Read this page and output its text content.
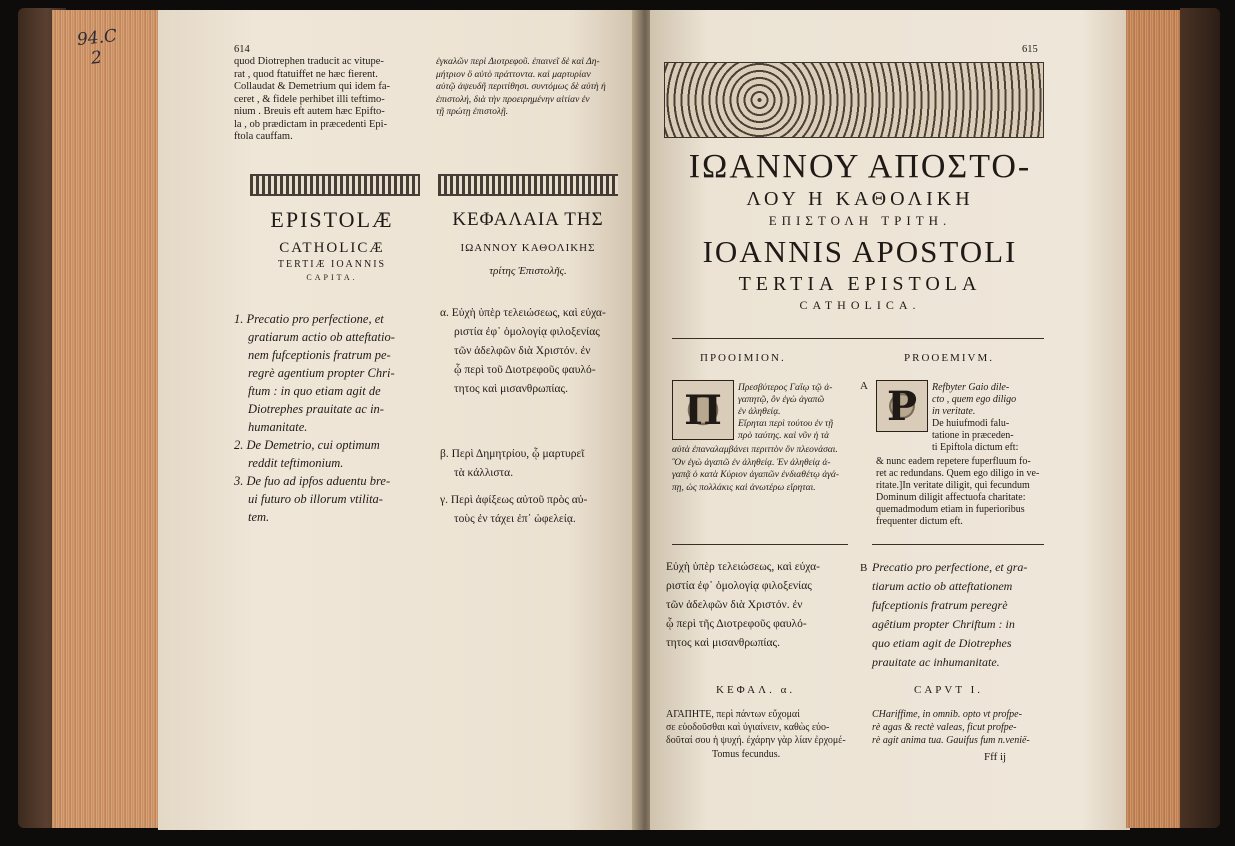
94.C
2	614
quod Diotrephen traducit ac vitupe-
rat , quod ftatuiffet ne hæc fierent.
Collaudat & Demetrium qui idem fa-
ceret , & fidele perhibet illi teftimo-
nium . Breuis eft autem hæc Epifto-
la , ob prædictam in præcedenti Epi-
ftola cauffam.
ἐγκαλῶν περὶ Διοτρεφοῦ. ἐπαινεῖ δὲ καὶ Δη-
μήτριον ὃ αὐτὸ πράττοντα. καὶ μαρτυρίαν
αὐτῷ ἀψευδῆ περιτίθησι. συντόμως δὲ αὐτὴ ἡ
ἐπιστολή, διὰ τὴν προειρημένην αἰτίαν ἐν
τῇ πρώτῃ ἐπιστολῇ.
EPISTOLÆ
CATHOLICÆ
TERTIÆ IOANNIS
CAPITA.
ΚΕΦΑΛΑΙΑ ΤΗΣ
ΙΩΑΝΝΟΥ ΚΑΘΟΛΙΚΗΣ
τρίτης Ἐπιστολῆς.
1. Precatio pro perfectione, et
gratiarum actio ob atteftatio-
nem fufceptionis fratrum pe-
regrè agentium propter Chri-
ftum : in quo etiam agit de
Diotrephes prauitate ac in-
humanitate.
2. De Demetrio, cui optimum
reddit teftimonium.
3. De fuo ad ipfos aduentu bre-
ui futuro ob illorum vtilita-
tem.
α. Εὐχὴ ὑπὲρ τελειώσεως, καὶ εὐχα-
ριστία ἐφ᾽ ὁμολογίᾳ φιλοξενίας
τῶν ἀδελφῶν διὰ Χριστόν. ἐν
ᾧ περὶ τοῦ Διοτρεφοῦς φαυλό-
τητος καὶ μισανθρωπίας.
β. Περὶ Δημητρίου, ᾧ μαρτυρεῖ
τὰ κάλλιστα.
γ. Περὶ ἀφίξεως αὐτοῦ πρὸς αὐ-
τοὺς ἐν τάχει ἐπ᾽ ὠφελείᾳ.
615
ΙΩΑΝΝΟΥ ΑΠΟΣΤΟ-
ΛΟΥ Η ΚΑΘΟΛΙΚΗ
ΕΠΙΣΤΟΛΗ ΤΡΙΤΗ.
IOANNIS APOSTOLI
TERTIA EPISTOLA
CATHOLICA.
ΠΡΟΟΙΜΙΟΝ.	PROOEMIVM.
Π	Πρεσβύτερος Γαΐῳ τῷ ἀ-
γαπητῷ, ὃν ἐγὼ ἀγαπῶ
ἐν ἀληθείᾳ.
Εἴρηται περὶ τούτου ἐν τῇ
πρὸ ταύτης. καὶ νῦν ἡ τὰ
αὐτὰ ἐπαναλαμβάνει περιττὸν ὂν πλεονάσαι.
Ὃν ἐγὼ ἀγαπῶ ἐν ἀληθείᾳ. Ἐν ἀληθείᾳ ἀ-
γαπᾷ ὁ κατὰ Κύριον ἀγαπῶν ἐνδιαθέτῳ ἀγά-
πῃ, ὡς πολλάκις καὶ ἀνωτέρω εἴρηται.
A P	Refbyter Gaio dile-
cto , quem ego diligo
in veritate.
De huiufmodi falu-
tatione in præceden-
ti Epiftola dictum eft:
& nunc eadem repetere fuperfluum fo-
ret ac redundans. Quem ego diligo in ve-
ritate.]In veritate diligit, qui fecundum
Dominum diligit affectuofa charitate:
quemadmodum etiam in fuperioribus
frequenter dictum eft.
Εὐχὴ ὑπὲρ τελειώσεως, καὶ εὐχα-
ριστία ἐφ᾽ ὁμολογίᾳ φιλοξενίας
τῶν ἀδελφῶν διὰ Χριστόν. ἐν
ᾧ περὶ τῆς Διοτρεφοῦς φαυλό-
τητος καὶ μισανθρωπίας.
B Precatio pro perfectione, et gra-
tiarum actio ob atteftationem
fufceptionis fratrum peregrè
agêtium propter Chriftum : in
quo etiam agit de Diotrephes
prauitate ac inhumanitate.
ΚΕΦΑΛ. α.	CAPVT I.
ΑΓΑΠΗΤΕ, περὶ πάντων εὔχομαί
σε εὐοδοῦσθαι καὶ ὑγιαίνειν, καθὼς εὐο-
δοῦταί σου ἡ ψυχή. ἐχάρην γὰρ λίαν ἐρχομέ-
Tomus fecundus.
CHariffime, in omnib. opto vt profpe-
rè agas & rectè valeas, ficut profpe-
rè agit anima tua. Gauifus fum n.venië-
Fff ij
